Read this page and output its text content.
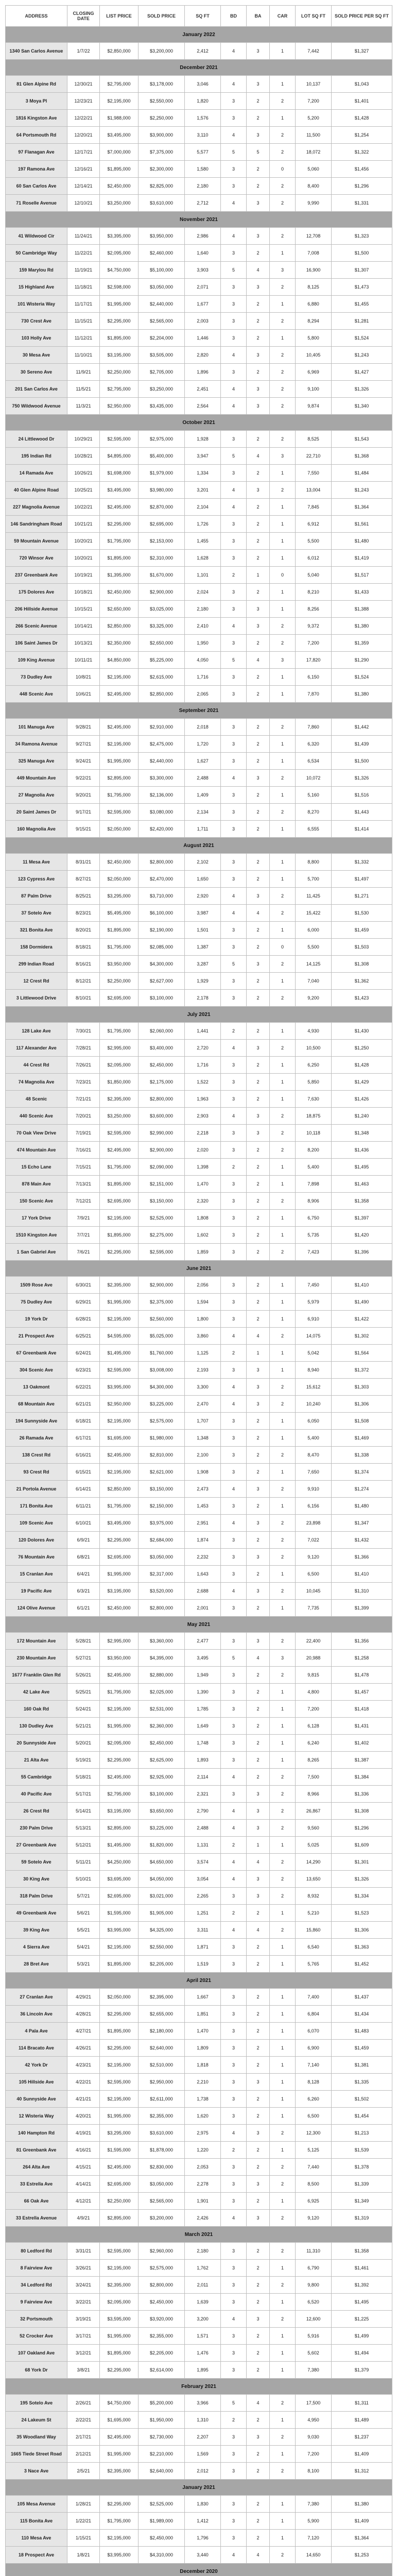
ADDRESS	CLOSING DATE	LIST PRICE	SOLD PRICE	SQ FT	BD	BA	CAR	LOT SQ FT	SOLD PRICE PER SQ FT
January 2022									
1340 San Carlos Avenue	1/7/22	$2,850,000	$3,200,000	2,412	4	3	1	7,442	$1,327
December 2021									
81 Glen Alpine Rd	12/30/21	$2,795,000	$3,178,000	3,046	4	3	1	10,137	$1,043
3 Moya Pl	12/23/21	$2,195,000	$2,550,000	1,820	3	2	2	7,200	$1,401
1816 Kingston Ave	12/22/21	$1,988,000	$2,250,000	1,576	3	2	1	5,200	$1,428
64 Portsmouth Rd	12/20/21	$3,495,000	$3,900,000	3,110	4	3	2	11,500	$1,254
97 Flanagan Ave	12/17/21	$7,000,000	$7,375,000	5,577	5	5	2	18,072	$1,322
197 Ramona Ave	12/16/21	$1,895,000	$2,300,000	1,580	3	2	0	5,060	$1,456
60 San Carlos Ave	12/14/21	$2,450,000	$2,825,000	2,180	3	2	2	8,400	$1,296
71 Roselle Avenue	12/10/21	$3,250,000	$3,610,000	2,712	4	3	2	9,990	$1,331
November 2021									
41 Wildwood Cir	11/24/21	$3,395,000	$3,950,000	2,986	4	3	2	12,708	$1,323
50 Cambridge Way	11/22/21	$2,095,000	$2,460,000	1,640	3	2	1	7,008	$1,500
159 Marylou Rd	11/19/21	$4,750,000	$5,100,000	3,903	5	4	3	16,900	$1,307
15 Highland Ave	11/18/21	$2,598,000	$3,050,000	2,071	3	3	2	8,125	$1,473
101 Wisteria Way	11/17/21	$1,995,000	$2,440,000	1,677	3	2	1	6,880	$1,455
730 Crest Ave	11/15/21	$2,295,000	$2,565,000	2,003	3	2	2	8,294	$1,281
103 Holly Ave	11/12/21	$1,895,000	$2,204,000	1,446	3	2	1	5,800	$1,524
30 Mesa Ave	11/10/21	$3,195,000	$3,505,000	2,820	4	3	2	10,405	$1,243
30 Sereno Ave	11/9/21	$2,250,000	$2,705,000	1,896	3	2	2	6,969	$1,427
201 San Carlos Ave	11/5/21	$2,795,000	$3,250,000	2,451	4	3	2	9,100	$1,326
750 Wildwood Avenue	11/3/21	$2,950,000	$3,435,000	2,564	4	3	2	9,874	$1,340
October 2021									
24 Littlewood Dr	10/29/21	$2,595,000	$2,975,000	1,928	3	2	2	8,525	$1,543
195 Indian Rd	10/28/21	$4,895,000	$5,400,000	3,947	5	4	3	22,710	$1,368
14 Ramada Ave	10/26/21	$1,698,000	$1,979,000	1,334	3	2	1	7,550	$1,484
40 Glen Alpine Road	10/25/21	$3,495,000	$3,980,000	3,201	4	3	2	13,004	$1,243
227 Magnolia Avenue	10/22/21	$2,495,000	$2,870,000	2,104	4	2	1	7,845	$1,364
146 Sandringham Road	10/21/21	$2,295,000	$2,695,000	1,726	3	2	1	6,912	$1,561
59 Mountain Avenue	10/20/21	$1,795,000	$2,153,000	1,455	3	2	1	5,500	$1,480
720 Winsor Ave	10/20/21	$1,895,000	$2,310,000	1,628	3	2	1	6,012	$1,419
237 Greenbank Ave	10/19/21	$1,395,000	$1,670,000	1,101	2	1	0	5,040	$1,517
175 Dolores Ave	10/18/21	$2,450,000	$2,900,000	2,024	3	2	1	8,210	$1,433
206 Hillside Avenue	10/15/21	$2,650,000	$3,025,000	2,180	3	3	1	8,256	$1,388
266 Scenic Avenue	10/14/21	$2,850,000	$3,325,000	2,410	4	3	2	9,372	$1,380
106 Saint James Dr	10/13/21	$2,350,000	$2,650,000	1,950	3	2	2	7,200	$1,359
109 King Avenue	10/11/21	$4,850,000	$5,225,000	4,050	5	4	3	17,820	$1,290
73 Dudley Ave	10/8/21	$2,195,000	$2,615,000	1,716	3	2	1	6,150	$1,524
448 Scenic Ave	10/6/21	$2,495,000	$2,850,000	2,065	3	2	1	7,870	$1,380
September 2021									
101 Manuga Ave	9/28/21	$2,495,000	$2,910,000	2,018	3	2	2	7,860	$1,442
34 Ramona Avenue	9/27/21	$2,195,000	$2,475,000	1,720	3	2	1	6,320	$1,439
325 Manuga Ave	9/24/21	$1,995,000	$2,440,000	1,627	3	2	1	6,534	$1,500
449 Mountain Ave	9/22/21	$2,895,000	$3,300,000	2,488	4	3	2	10,072	$1,326
27 Magnolia Ave	9/20/21	$1,795,000	$2,136,000	1,409	3	2	1	5,160	$1,516
20 Saint James Dr	9/17/21	$2,595,000	$3,080,000	2,134	3	2	2	8,270	$1,443
160 Magnolia Ave	9/15/21	$2,050,000	$2,420,000	1,711	3	2	1	6,555	$1,414
August 2021									
11 Mesa Ave	8/31/21	$2,450,000	$2,800,000	2,102	3	2	1	8,800	$1,332
123 Cypress Ave	8/27/21	$2,050,000	$2,470,000	1,650	3	2	1	5,700	$1,497
87 Palm Drive	8/25/21	$3,295,000	$3,710,000	2,920	4	3	2	11,425	$1,271
37 Sotelo Ave	8/23/21	$5,495,000	$6,100,000	3,987	4	4	2	15,422	$1,530
321 Bonita Ave	8/20/21	$1,895,000	$2,190,000	1,501	3	2	1	6,000	$1,459
158 Dormidera	8/18/21	$1,795,000	$2,085,000	1,387	3	2	0	5,500	$1,503
299 Indian Road	8/16/21	$3,950,000	$4,300,000	3,287	5	3	2	14,125	$1,308
12 Crest Rd	8/12/21	$2,250,000	$2,627,000	1,929	3	2	1	7,040	$1,362
3 Littlewood Drive	8/10/21	$2,695,000	$3,100,000	2,178	3	2	2	9,200	$1,423
July 2021									
128 Lake Ave	7/30/21	$1,795,000	$2,060,000	1,441	2	2	1	4,930	$1,430
117 Alexander Ave	7/28/21	$2,995,000	$3,400,000	2,720	4	3	2	10,500	$1,250
44 Crest Rd	7/26/21	$2,095,000	$2,450,000	1,716	3	2	1	6,250	$1,428
74 Magnolia Ave	7/23/21	$1,850,000	$2,175,000	1,522	3	2	1	5,850	$1,429
48 Scenic	7/21/21	$2,395,000	$2,800,000	1,963	3	2	1	7,630	$1,426
440 Scenic Ave	7/20/21	$3,250,000	$3,600,000	2,903	4	3	2	18,875	$1,240
70 Oak View Drive	7/19/21	$2,595,000	$2,990,000	2,218	3	3	2	10,118	$1,348
474 Mountain Ave	7/16/21	$2,495,000	$2,900,000	2,020	3	2	2	8,200	$1,436
15 Echo Lane	7/15/21	$1,795,000	$2,090,000	1,398	2	2	1	5,400	$1,495
878 Main Ave	7/13/21	$1,895,000	$2,151,000	1,470	3	2	1	7,898	$1,463
150 Scenic Ave	7/12/21	$2,695,000	$3,150,000	2,320	3	2	2	8,906	$1,358
17 York Drive	7/9/21	$2,195,000	$2,525,000	1,808	3	2	1	6,750	$1,397
1510 Kingston Ave	7/7/21	$1,895,000	$2,275,000	1,602	3	2	1	5,735	$1,420
1 San Gabriel Ave	7/6/21	$2,295,000	$2,595,000	1,859	3	2	2	7,423	$1,396
June 2021									
1509 Rose Ave	6/30/21	$2,395,000	$2,900,000	2,056	3	2	1	7,450	$1,410
75 Dudley Ave	6/29/21	$1,995,000	$2,375,000	1,594	3	2	1	5,979	$1,490
19 York Dr	6/28/21	$2,195,000	$2,560,000	1,800	3	2	1	6,910	$1,422
21 Prospect Ave	6/25/21	$4,595,000	$5,025,000	3,860	4	4	2	14,075	$1,302
67 Greenbank Ave	6/24/21	$1,495,000	$1,760,000	1,125	2	1	1	5,042	$1,564
304 Scenic Ave	6/23/21	$2,595,000	$3,008,000	2,193	3	3	1	8,940	$1,372
13 Oakmont	6/22/21	$3,995,000	$4,300,000	3,300	4	3	2	15,612	$1,303
68 Mountain Ave	6/21/21	$2,950,000	$3,225,000	2,470	4	3	2	10,240	$1,306
194 Sunnyside Ave	6/18/21	$2,195,000	$2,575,000	1,707	3	2	1	6,050	$1,508
26 Ramada Ave	6/17/21	$1,695,000	$1,980,000	1,348	3	2	1	5,400	$1,469
138 Crest Rd	6/16/21	$2,495,000	$2,810,000	2,100	3	2	2	8,470	$1,338
93 Crest Rd	6/15/21	$2,195,000	$2,621,000	1,908	3	2	1	7,650	$1,374
21 Portola Avenue	6/14/21	$2,850,000	$3,150,000	2,473	4	3	2	9,910	$1,274
171 Bonita Ave	6/11/21	$1,795,000	$2,150,000	1,453	3	2	1	6,156	$1,480
109 Scenic Ave	6/10/21	$3,495,000	$3,975,000	2,951	4	3	2	23,898	$1,347
120 Dolores Ave	6/9/21	$2,295,000	$2,684,000	1,874	3	2	2	7,022	$1,432
76 Mountain Ave	6/8/21	$2,695,000	$3,050,000	2,232	3	3	2	9,120	$1,366
15 Cranlan Ave	6/4/21	$1,995,000	$2,317,000	1,643	3	2	1	6,500	$1,410
19 Pacific Ave	6/3/21	$3,195,000	$3,520,000	2,688	4	3	2	10,045	$1,310
124 Olive Avenue	6/1/21	$2,450,000	$2,800,000	2,001	3	2	1	7,735	$1,399
May 2021									
172 Mountain Ave	5/28/21	$2,995,000	$3,360,000	2,477	3	3	2	22,400	$1,356
230 Mountain Ave	5/27/21	$3,950,000	$4,395,000	3,495	5	4	3	20,988	$1,258
1677 Franklin Glen Rd	5/26/21	$2,495,000	$2,880,000	1,949	3	2	2	9,815	$1,478
42 Lake Ave	5/25/21	$1,795,000	$2,025,000	1,390	3	2	1	4,800	$1,457
160 Oak Rd	5/24/21	$2,195,000	$2,531,000	1,785	3	2	1	7,200	$1,418
130 Dudley Ave	5/21/21	$1,995,000	$2,360,000	1,649	3	2	1	6,128	$1,431
20 Sunnyside Ave	5/20/21	$2,095,000	$2,450,000	1,748	3	2	1	6,240	$1,402
21 Alta Ave	5/19/21	$2,295,000	$2,625,000	1,893	3	2	1	8,265	$1,387
55 Cambridge	5/18/21	$2,495,000	$2,925,000	2,114	4	2	2	7,500	$1,384
40 Pacific Ave	5/17/21	$2,795,000	$3,100,000	2,321	3	3	2	8,966	$1,336
26 Crest Rd	5/14/21	$3,195,000	$3,650,000	2,790	4	3	2	26,867	$1,308
230 Palm Drive	5/13/21	$2,895,000	$3,225,000	2,488	4	3	2	9,560	$1,296
27 Greenbank Ave	5/12/21	$1,495,000	$1,820,000	1,131	2	1	1	5,025	$1,609
59 Sotelo Ave	5/11/21	$4,250,000	$4,650,000	3,574	4	4	2	14,290	$1,301
30 King Ave	5/10/21	$3,695,000	$4,050,000	3,054	4	3	2	13,650	$1,326
318 Palm Drive	5/7/21	$2,695,000	$3,021,000	2,265	3	3	2	8,932	$1,334
49 Greenbank Ave	5/6/21	$1,595,000	$1,905,000	1,251	2	2	1	5,210	$1,523
39 King Ave	5/5/21	$3,995,000	$4,325,000	3,311	4	4	2	15,860	$1,306
4 Sierra Ave	5/4/21	$2,195,000	$2,550,000	1,871	3	2	1	6,540	$1,363
28 Bret Ave	5/3/21	$1,895,000	$2,205,000	1,519	3	2	1	5,765	$1,452
April 2021									
27 Cranlan Ave	4/29/21	$2,050,000	$2,395,000	1,667	3	2	1	7,400	$1,437
36 Lincoln Ave	4/28/21	$2,295,000	$2,655,000	1,851	3	2	1	6,804	$1,434
4 Pala Ave	4/27/21	$1,895,000	$2,180,000	1,470	3	2	1	6,070	$1,483
114 Bracato Ave	4/26/21	$2,295,000	$2,640,000	1,809	3	2	1	6,900	$1,459
42 York Dr	4/23/21	$2,195,000	$2,510,000	1,818	3	2	1	7,140	$1,381
105 Hillside Ave	4/22/21	$2,595,000	$2,950,000	2,210	3	3	1	8,128	$1,335
40 Sunnyside Ave	4/21/21	$2,195,000	$2,611,000	1,738	3	2	1	6,260	$1,502
12 Wisteria Way	4/20/21	$1,995,000	$2,355,000	1,620	3	2	1	6,500	$1,454
140 Hampton Rd	4/19/21	$3,295,000	$3,610,000	2,975	4	3	2	12,300	$1,213
81 Greenbank Ave	4/16/21	$1,595,000	$1,878,000	1,220	2	2	1	5,125	$1,539
264 Alta Ave	4/15/21	$2,495,000	$2,830,000	2,053	3	2	2	7,440	$1,378
33 Estrella Ave	4/14/21	$2,695,000	$3,050,000	2,278	3	3	2	8,500	$1,339
66 Oak Ave	4/12/21	$2,250,000	$2,565,000	1,901	3	2	1	6,925	$1,349
33 Estrella Avenue	4/9/21	$2,895,000	$3,200,000	2,426	4	3	2	9,120	$1,319
March 2021									
80 Ledford Rd	3/31/21	$2,595,000	$2,960,000	2,180	3	2	2	11,310	$1,358
8 Fairview Ave	3/26/21	$2,195,000	$2,575,000	1,762	3	2	1	6,790	$1,461
34 Ledford Rd	3/24/21	$2,395,000	$2,800,000	2,011	3	2	2	9,800	$1,392
9 Fairview Ave	3/22/21	$2,095,000	$2,450,000	1,639	3	2	1	6,520	$1,495
32 Portsmouth	3/19/21	$3,595,000	$3,920,000	3,200	4	3	2	12,600	$1,225
52 Crocker Ave	3/17/21	$1,995,000	$2,355,000	1,571	3	2	1	5,916	$1,499
107 Oakland Ave	3/12/21	$1,895,000	$2,205,000	1,476	3	2	1	5,602	$1,494
68 York Dr	3/8/21	$2,295,000	$2,614,000	1,895	3	2	1	7,380	$1,379
February 2021									
195 Sotelo Ave	2/26/21	$4,750,000	$5,200,000	3,966	5	4	2	17,500	$1,311
24 Lakeum St	2/22/21	$1,695,000	$1,950,000	1,310	2	2	1	4,950	$1,489
35 Woodland Way	2/17/21	$2,495,000	$2,730,000	2,207	3	3	2	9,030	$1,237
1665 Tiede Street Road	2/12/21	$1,995,000	$2,210,000	1,569	3	2	1	7,200	$1,409
3 Nace Ave	2/5/21	$2,395,000	$2,640,000	2,012	3	2	2	8,100	$1,312
January 2021									
105 Mesa Avenue	1/28/21	$2,295,000	$2,525,000	1,830	3	2	1	7,380	$1,380
115 Bonita Ave	1/22/21	$1,795,000	$1,989,000	1,412	3	2	1	5,900	$1,409
110 Mesa Ave	1/15/21	$2,195,000	$2,450,000	1,796	3	2	1	7,120	$1,364
18 Prospect Ave	1/8/21	$3,995,000	$4,310,000	3,440	4	4	2	14,650	$1,253
December 2020									
